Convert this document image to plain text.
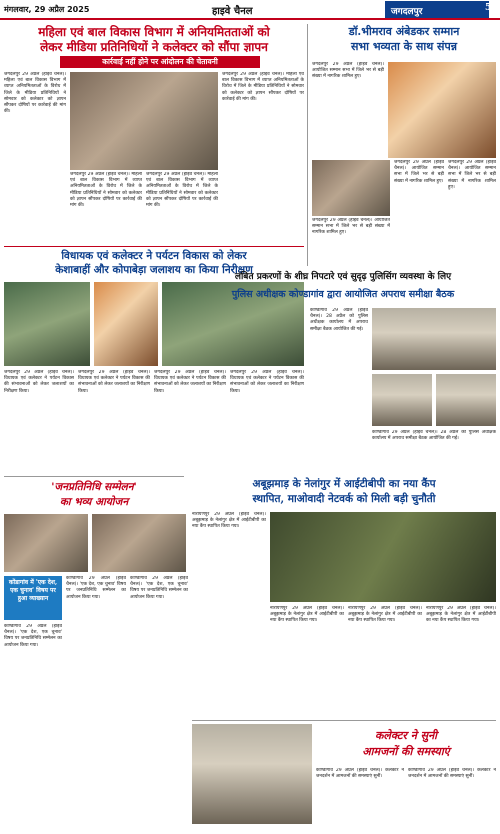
मंगलवार, 29 अप्रैल 2025	हाइवे चैनल	जगदलपुर	5
महिला एवं बाल विकास विभाग में अनियमितताओं को
लेकर मीडिया प्रतिनिधियों ने कलेक्टर को सौंपा ज्ञापन
कार्रवाई नहीं होने पर आंदोलन की चेतावनी
जगदलपुर 29 अप्रैल (हाइवे चैनल)। महिला एवं बाल विकास विभाग में व्याप्त अनियमितताओं के विरोध में जिले के मीडिया प्रतिनिधियों ने सोमवार को कलेक्टर को ज्ञापन सौंपकर दोषियों पर कार्रवाई की मांग की।
जगदलपुर 29 अप्रैल (हाइवे चैनल)। महिला एवं बाल विकास विभाग में व्याप्त अनियमितताओं के विरोध में जिले के मीडिया प्रतिनिधियों ने सोमवार को कलेक्टर को ज्ञापन सौंपकर दोषियों पर कार्रवाई की मांग की।
जगदलपुर 29 अप्रैल (हाइवे चैनल)। महिला एवं बाल विकास विभाग में व्याप्त अनियमितताओं के विरोध में जिले के मीडिया प्रतिनिधियों ने सोमवार को कलेक्टर को ज्ञापन सौंपकर दोषियों पर कार्रवाई की मांग की।
जगदलपुर 29 अप्रैल (हाइवे चैनल)। महिला एवं बाल विकास विभाग में व्याप्त अनियमितताओं के विरोध में जिले के मीडिया प्रतिनिधियों ने सोमवार को कलेक्टर को ज्ञापन सौंपकर दोषियों पर कार्रवाई की मांग की।
डॉ.भीमराव अंबेडकर सम्मान
सभा भव्यता के साथ संपन्न
जगदलपुर 29 अप्रैल (हाइवे चैनल)। आयोजित सम्मान सभा में जिले भर से बड़ी संख्या में नागरिक शामिल हुए।
जगदलपुर 29 अप्रैल (हाइवे चैनल)। आयोजित सम्मान सभा में जिले भर से बड़ी संख्या में नागरिक शामिल हुए।
जगदलपुर 29 अप्रैल (हाइवे चैनल)। आयोजित सम्मान सभा में जिले भर से बड़ी संख्या में नागरिक शामिल हुए।
जगदलपुर 29 अप्रैल (हाइवे चैनल)। आयोजित सम्मान सभा में जिले भर से बड़ी संख्या में नागरिक शामिल हुए।
विधायक एवं कलेक्टर ने पर्यटन विकास को लेकर
केशाबाहीं और कोपाबेड़ा जलाशय का किया निरीक्षण
जगदलपुर 29 अप्रैल (हाइवे चैनल)। विधायक एवं कलेक्टर ने पर्यटन विकास की संभावनाओं को लेकर जलाशयों का निरीक्षण किया।
जगदलपुर 29 अप्रैल (हाइवे चैनल)। विधायक एवं कलेक्टर ने पर्यटन विकास की संभावनाओं को लेकर जलाशयों का निरीक्षण किया।
जगदलपुर 29 अप्रैल (हाइवे चैनल)। विधायक एवं कलेक्टर ने पर्यटन विकास की संभावनाओं को लेकर जलाशयों का निरीक्षण किया।
जगदलपुर 29 अप्रैल (हाइवे चैनल)। विधायक एवं कलेक्टर ने पर्यटन विकास की संभावनाओं को लेकर जलाशयों का निरीक्षण किया।
लंबित प्रकरणों के शीघ्र निपटारे एवं सुदृढ़ पुलिसिंग व्यवस्था के लिए
पुलिस अधीक्षक कोण्डागांव द्वारा आयोजित अपराध समीक्षा बैठक
कोण्डागांव 29 अप्रैल (हाइवे चैनल)। 28 अप्रैल को पुलिस अधीक्षक कार्यालय में अपराध समीक्षा बैठक आयोजित की गई।
कोण्डागांव 29 अप्रैल (हाइवे चैनल)। 28 अप्रैल को पुलिस अधीक्षक कार्यालय में अपराध समीक्षा बैठक आयोजित की गई।
'जनप्रतिनिधि सम्मेलन'
का भव्य आयोजन
कोंडागांव में 'एक देश, एक चुनाव' विषय पर हुआ व्याख्यान
कोण्डागांव 29 अप्रैल (हाइवे चैनल)। 'एक देश, एक चुनाव' विषय पर जनप्रतिनिधि सम्मेलन का आयोजन किया गया।
कोण्डागांव 29 अप्रैल (हाइवे चैनल)। 'एक देश, एक चुनाव' विषय पर जनप्रतिनिधि सम्मेलन का आयोजन किया गया।
कोण्डागांव 29 अप्रैल (हाइवे चैनल)। 'एक देश, एक चुनाव' विषय पर जनप्रतिनिधि सम्मेलन का आयोजन किया गया।
अबूझमाड़ के नेलांगुर में आईटीबीपी का नया कैंप
स्थापित, माओवादी नेटवर्क को मिली बड़ी चुनौती
नारायणपुर 29 अप्रैल (हाइवे चैनल)। अबूझमाड़ के नेलांगुर क्षेत्र में आईटीबीपी का नया कैंप स्थापित किया गया।
नारायणपुर 29 अप्रैल (हाइवे चैनल)। अबूझमाड़ के नेलांगुर क्षेत्र में आईटीबीपी का नया कैंप स्थापित किया गया।
नारायणपुर 29 अप्रैल (हाइवे चैनल)। अबूझमाड़ के नेलांगुर क्षेत्र में आईटीबीपी का नया कैंप स्थापित किया गया।
नारायणपुर 29 अप्रैल (हाइवे चैनल)। अबूझमाड़ के नेलांगुर क्षेत्र में आईटीबीपी का नया कैंप स्थापित किया गया।
कलेक्टर ने सुनी
आमजनों की समस्याएं
कोण्डागांव 29 अप्रैल (हाइवे चैनल)। कलेक्टर ने जनदर्शन में आमजनों की समस्याएं सुनीं।
कोण्डागांव 29 अप्रैल (हाइवे चैनल)। कलेक्टर ने जनदर्शन में आमजनों की समस्याएं सुनीं।
